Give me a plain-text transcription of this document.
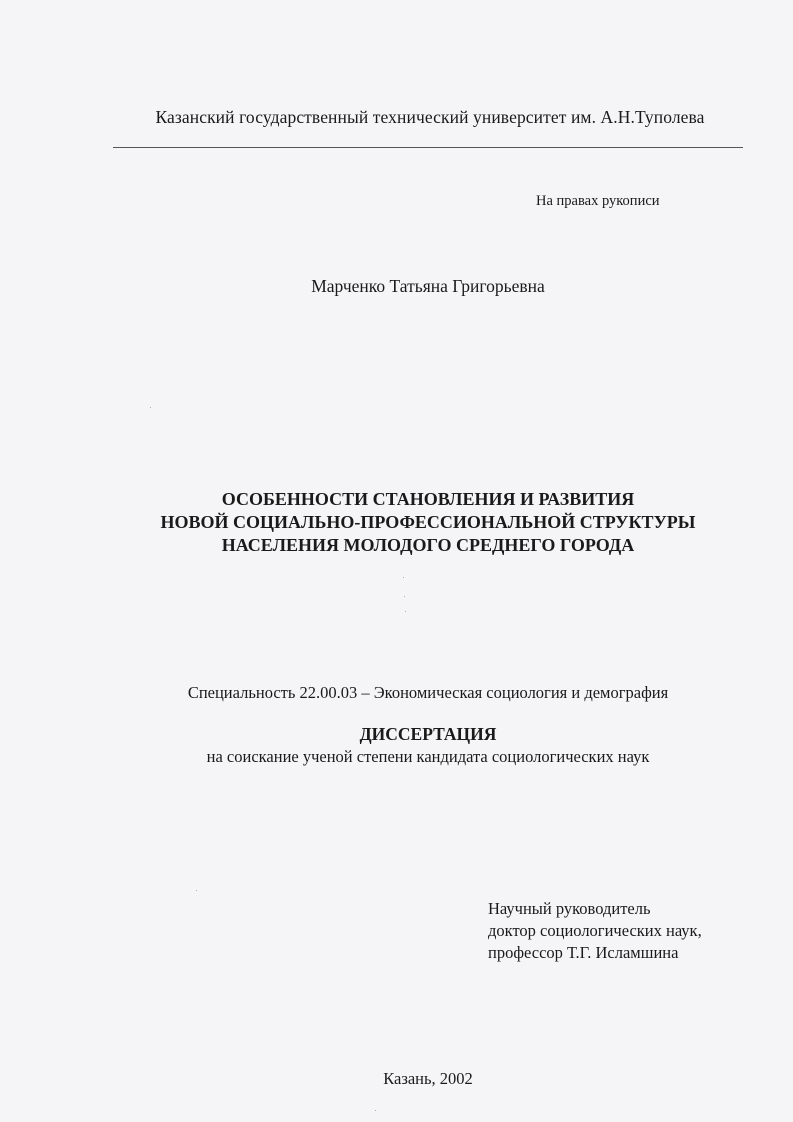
Казанский государственный технический университет им. А.Н.Туполева
На правах рукописи
Марченко Татьяна Григорьевна
ОСОБЕННОСТИ СТАНОВЛЕНИЯ И РАЗВИТИЯ
НОВОЙ СОЦИАЛЬНО-ПРОФЕССИОНАЛЬНОЙ СТРУКТУРЫ
НАСЕЛЕНИЯ МОЛОДОГО СРЕДНЕГО ГОРОДА
Специальность 22.00.03 – Экономическая социология и демография
ДИССЕРТАЦИЯ
на соискание ученой степени кандидата социологических наук
Научный руководитель
доктор социологических наук,
профессор Т.Г. Исламшина
Казань, 2002
